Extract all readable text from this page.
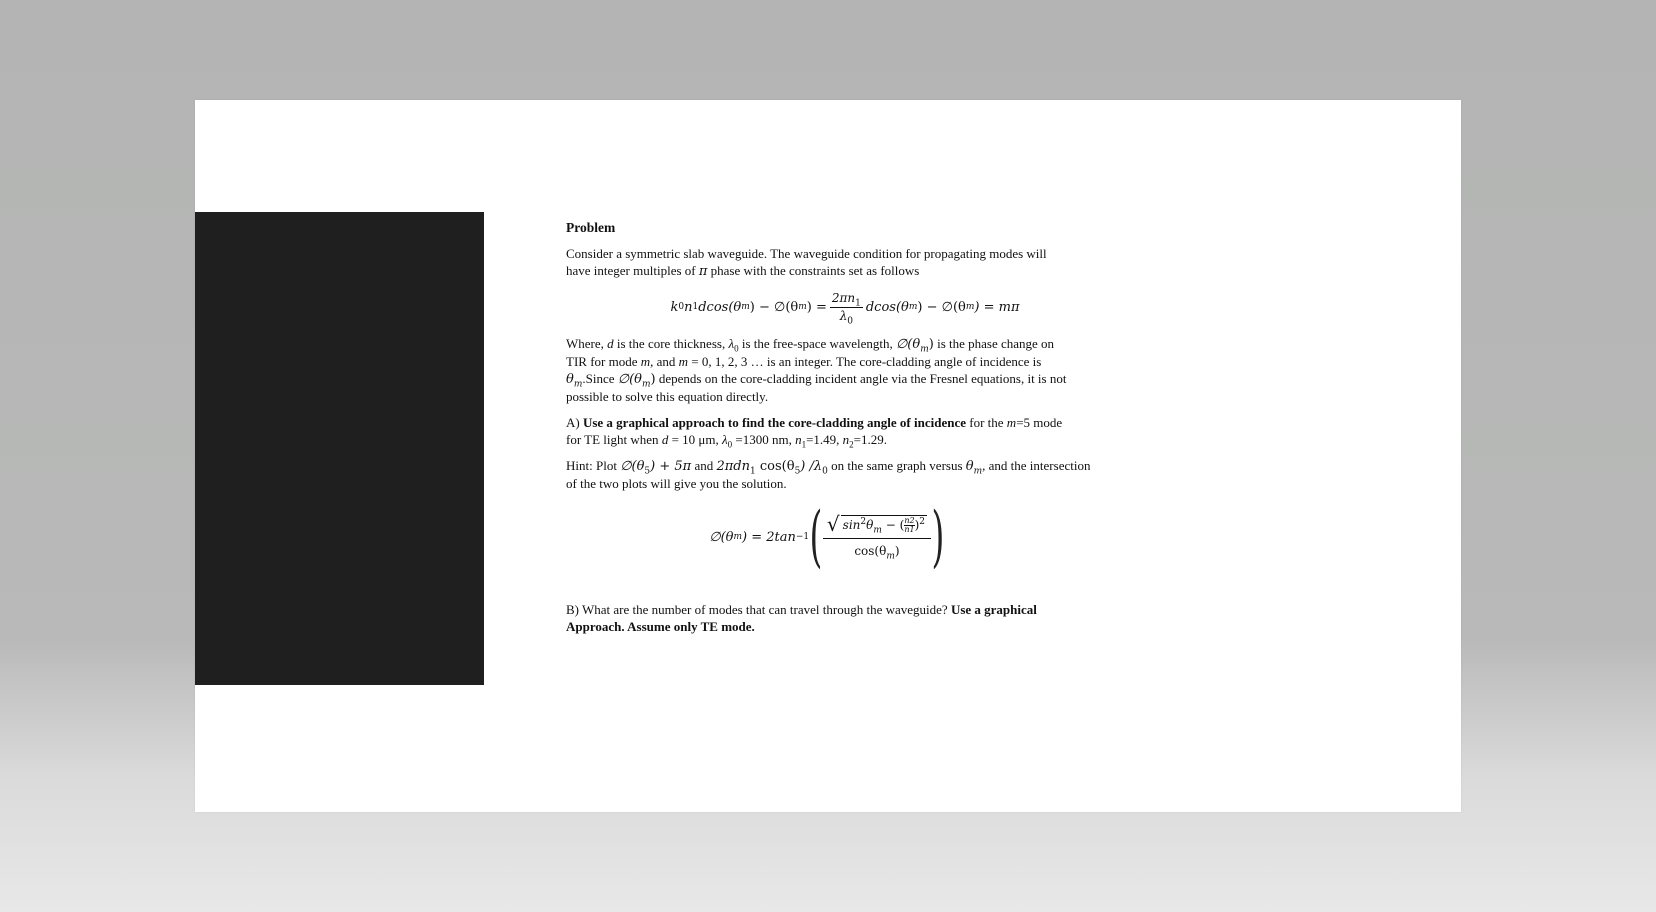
Problem
Consider a symmetric slab waveguide. The waveguide condition for propagating modes will
have integer multiples of π phase with the constraints set as follows
k 0 n 1 dcos(θ m ) − ∅(θ m ) = $\frac{2\pi n_1}{\lambda_0} dcos(\theta$ m ) − ∅(θ m ) = mπ
Where, d is the core thickness, $\lambda_0$ is the free-space wavelength, $\emptyset(\theta_m)$ is the phase change on
TIR for mode m, and m = 0, 1, 2, 3 … is an integer. The core-cladding angle of incidence is
$\theta_m.Since$ $\emptyset(\theta_m)$ depends on the core-cladding incident angle via the Fresnel equations, it is not
possible to solve this equation directly.
A) Use a graphical approach to find the core-cladding angle of incidence for the m=5 mode
for TE light when d = 10 μm, $\lambda_0 =1300$ nm, $n_1=1.49$, $n_2=1.29$.
Hint: Plot $\emptyset(\theta_5) + 5\pi$ and 2πdn$_1$ $\cos(\theta_5)$ $/\lambda_0$ on the same graph versus $\theta_m$, and the intersection
of the two plots will give you the solution.
∅(θ m ) = 2tan −1 ( $\frac{√ \sin^2\theta_m - ( \frac{n2}{n1} )^2}{\cos(\theta_m)}$ )
B) What are the number of modes that can travel through the waveguide? Use a graphical
Approach. Assume only TE mode.
